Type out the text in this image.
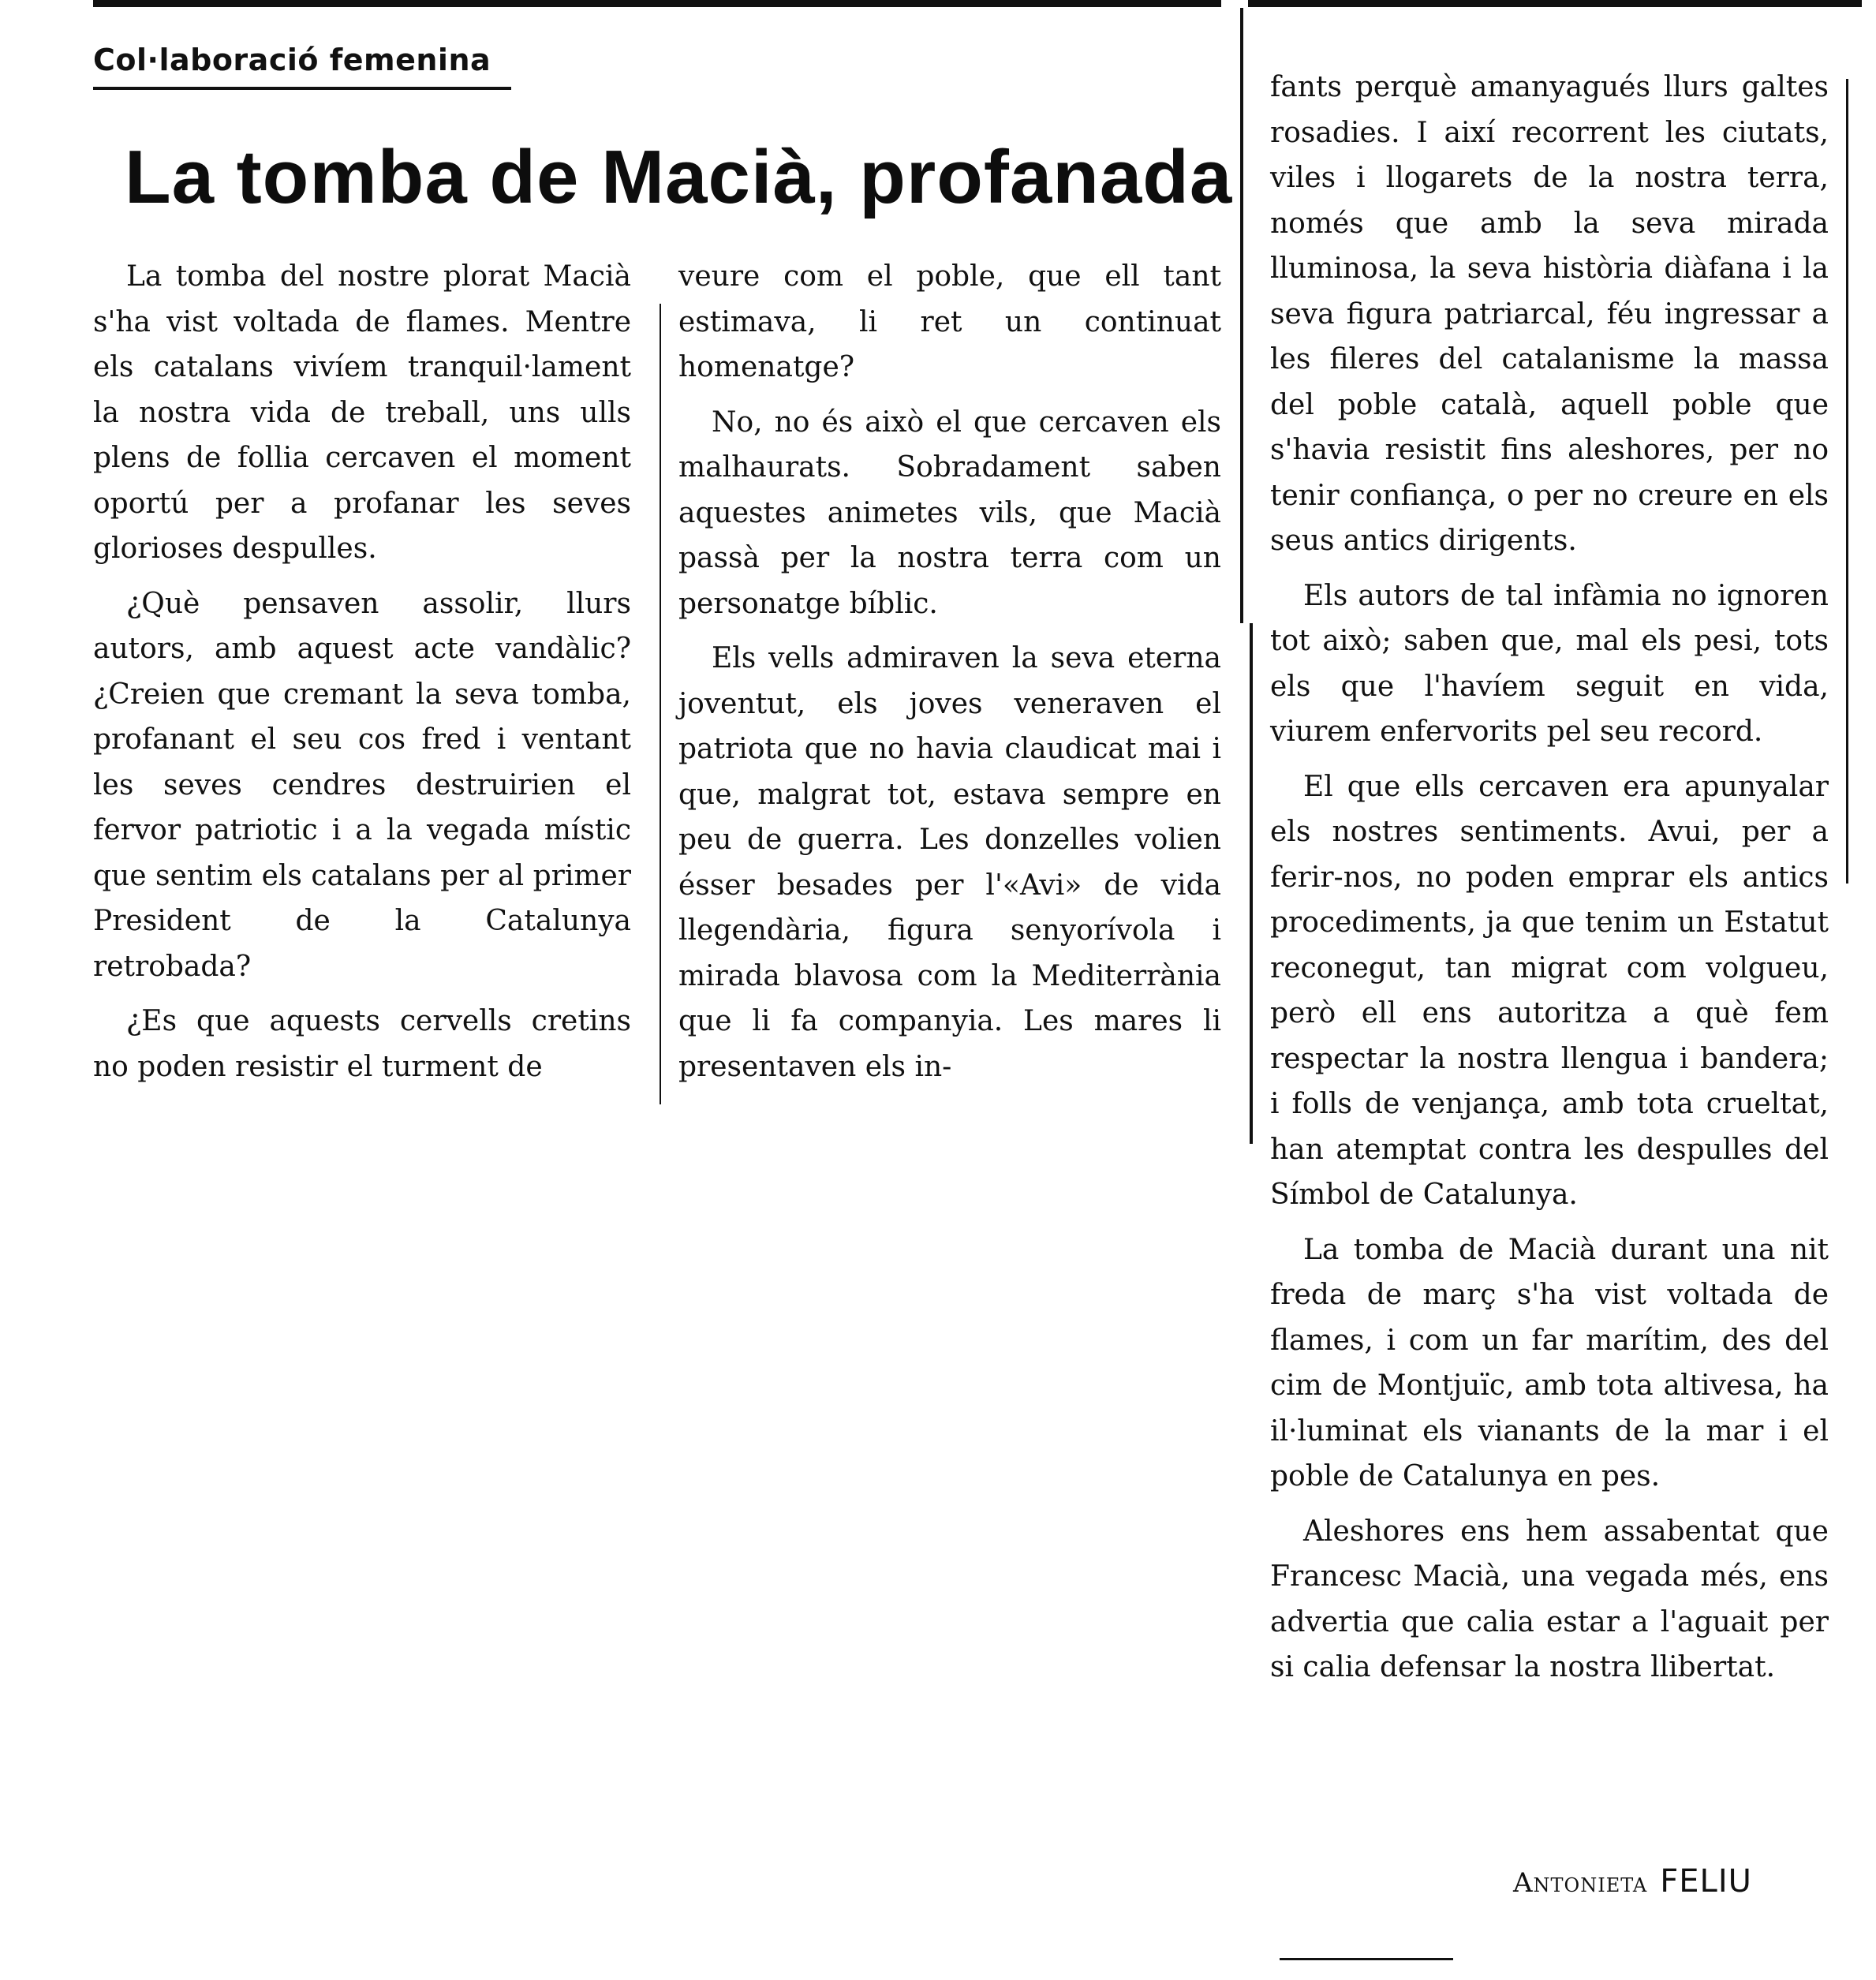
Col·laboració femenina
La tomba de Macià, profanada

La tomba del nostre plorat Macià s'ha vist voltada de flames. Mentre els catalans vivíem tranquil·lament la nostra vida de treball, uns ulls plens de follia cercaven el moment oportú per a profanar les seves glorioses despulles.

¿Què pensaven assolir, llurs autors, amb aquest acte vandàlic? ¿Creien que cremant la seva tomba, profanant el seu cos fred i ventant les seves cendres destruirien el fervor patriotic i a la vegada místic que sentim els catalans per al primer President de la Catalunya retrobada?

¿Es que aquests cervells cretins no poden resistir el turment de

veure com el poble, que ell tant estimava, li ret un continuat homenatge?

No, no és això el que cercaven els malhaurats. Sobradament saben aquestes animetes vils, que Macià passà per la nostra terra com un personatge bíblic.

Els vells admiraven la seva eterna joventut, els joves veneraven el patriota que no havia claudicat mai i que, malgrat tot, estava sempre en peu de guerra. Les donzelles volien ésser besades per l'«Avi» de vida llegendària, figura senyorívola i mirada blavosa com la Mediterrània que li fa companyia. Les mares li presentaven els in-

fants perquè amanyagués llurs galtes rosadies. I així recorrent les ciutats, viles i llogarets de la nostra terra, només que amb la seva mirada lluminosa, la seva història diàfana i la seva figura patriarcal, féu ingressar a les fileres del catalanisme la massa del poble català, aquell poble que s'havia resistit fins aleshores, per no tenir confiança, o per no creure en els seus antics dirigents.

Els autors de tal infàmia no ignoren tot això; saben que, mal els pesi, tots els que l'havíem seguit en vida, viurem enfervorits pel seu record.

El que ells cercaven era apunyalar els nostres sentiments. Avui, per a ferir-nos, no poden emprar els antics procediments, ja que tenim un Estatut reconegut, tan migrat com volgueu, però ell ens autoritza a què fem respectar la nostra llengua i bandera; i folls de venjança, amb tota crueltat, han atemptat contra les despulles del Símbol de Catalunya.

La tomba de Macià durant una nit freda de març s'ha vist voltada de flames, i com un far marítim, des del cim de Montjuïc, amb tota altivesa, ha il·luminat els vianants de la mar i el poble de Catalunya en pes.

Aleshores ens hem assabentat que Francesc Macià, una vegada més, ens advertia que calia estar a l'aguait per si calia defensar la nostra llibertat.

Antonieta FELIU
